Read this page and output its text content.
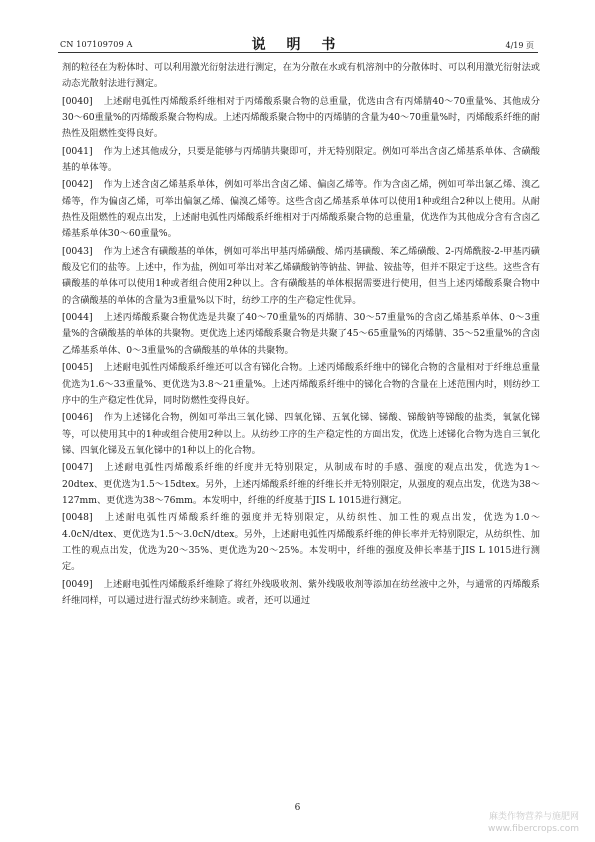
CN 107109709 A	说 明 书	4/19 页

剂的粒径在为粉体时、可以利用激光衍射法进行测定，在为分散在水或有机溶剂中的分散体时、可以利用激光衍射法或动态光散射法进行测定。

[0040] 上述耐电弧性丙烯酸系纤维相对于丙烯酸系聚合物的总重量，优选由含有丙烯腈40～70重量%、其他成分30～60重量%的丙烯酸系聚合物构成。上述丙烯酸系聚合物中的丙烯腈的含量为40～70重量%时，丙烯酸系纤维的耐热性及阻燃性变得良好。

[0041] 作为上述其他成分，只要是能够与丙烯腈共聚即可，并无特别限定。例如可举出含卤乙烯基系单体、含磺酸基的单体等。

[0042] 作为上述含卤乙烯基系单体，例如可举出含卤乙烯、偏卤乙烯等。作为含卤乙烯，例如可举出氯乙烯、溴乙烯等，作为偏卤乙烯，可举出偏氯乙烯、偏溴乙烯等。这些含卤乙烯基系单体可以使用1种或组合2种以上使用。从耐热性及阻燃性的观点出发，上述耐电弧性丙烯酸系纤维相对于丙烯酸系聚合物的总重量，优选作为其他成分含有含卤乙烯基系单体30～60重量%。

[0043] 作为上述含有磺酸基的单体，例如可举出甲基丙烯磺酸、烯丙基磺酸、苯乙烯磺酸、2-丙烯酰胺-2-甲基丙磺酸及它们的盐等。上述中，作为盐，例如可举出对苯乙烯磺酸钠等钠盐、钾盐、铵盐等，但并不限定于这些。这些含有磺酸基的单体可以使用1种或者组合使用2种以上。含有磺酸基的单体根据需要进行使用，但当上述丙烯酸系聚合物中的含磺酸基的单体的含量为3重量%以下时，纺纱工序的生产稳定性优异。

[0044] 上述丙烯酸系聚合物优选是共聚了40～70重量%的丙烯腈、30～57重量%的含卤乙烯基系单体、0～3重量%的含磺酸基的单体的共聚物。更优选上述丙烯酸系聚合物是共聚了45～65重量%的丙烯腈、35～52重量%的含卤乙烯基系单体、0～3重量%的含磺酸基的单体的共聚物。

[0045] 上述耐电弧性丙烯酸系纤维还可以含有锑化合物。上述丙烯酸系纤维中的锑化合物的含量相对于纤维总重量优选为1.6～33重量%、更优选为3.8～21重量%。上述丙烯酸系纤维中的锑化合物的含量在上述范围内时，则纺纱工序中的生产稳定性优异，同时防燃性变得良好。

[0046] 作为上述锑化合物，例如可举出三氧化锑、四氧化锑、五氧化锑、锑酸、锑酸钠等锑酸的盐类，氧氯化锑等，可以使用其中的1种或组合使用2种以上。从纺纱工序的生产稳定性的方面出发，优选上述锑化合物为选自三氧化锑、四氧化锑及五氧化锑中的1种以上的化合物。

[0047] 上述耐电弧性丙烯酸系纤维的纤度并无特别限定，从制成布时的手感、强度的观点出发，优选为1～20dtex、更优选为1.5～15dtex。另外，上述丙烯酸系纤维的纤维长并无特别限定，从强度的观点出发，优选为38～127mm、更优选为38～76mm。本发明中，纤维的纤度基于JIS L 1015进行测定。

[0048] 上述耐电弧性丙烯酸系纤维的强度并无特别限定，从纺织性、加工性的观点出发，优选为1.0～4.0cN/dtex、更优选为1.5～3.0cN/dtex。另外，上述耐电弧性丙烯酸系纤维的伸长率并无特别限定，从纺织性、加工性的观点出发，优选为20～35%、更优选为20～25%。本发明中，纤维的强度及伸长率基于JIS L 1015进行测定。

[0049] 上述耐电弧性丙烯酸系纤维除了将红外线吸收剂、紫外线吸收剂等添加在纺丝液中之外，与通常的丙烯酸系纤维同样，可以通过进行湿式纺纱来制造。或者，还可以通过

6
麻类作物营养与施肥网
www.fibercrops.com
